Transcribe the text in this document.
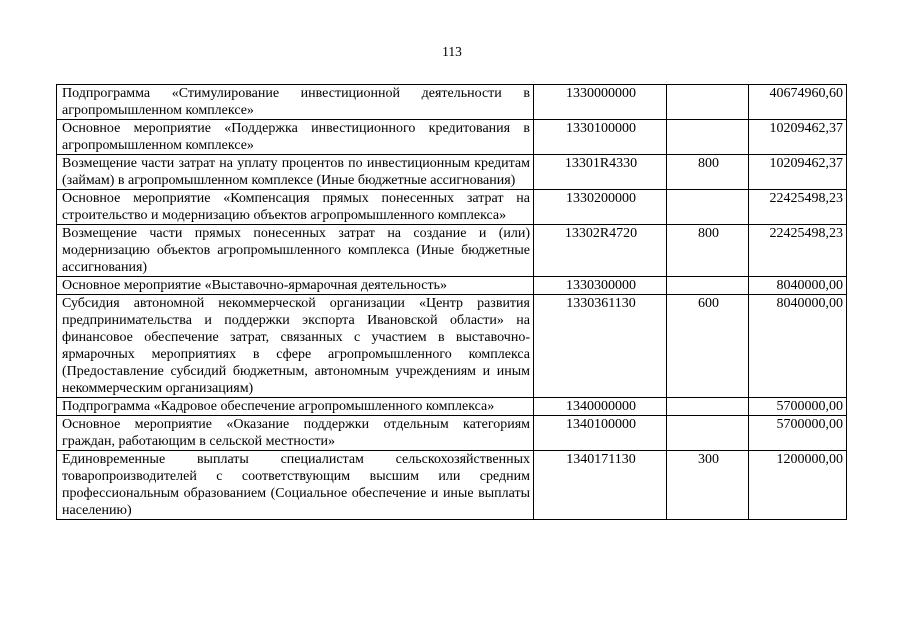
113
Подпрограмма «Стимулирование инвестиционной деятельности в агропромышленном комплексе»	1330000000		40674960,60
Основное мероприятие «Поддержка инвестиционного кредитования в агропромышленном комплексе»	1330100000		10209462,37
Возмещение части затрат на уплату процентов по инвестиционным кредитам (займам) в агропромышленном комплексе (Иные бюджетные ассигнования)	13301R4330	800	10209462,37
Основное мероприятие «Компенсация прямых понесенных затрат на строительство и модернизацию объектов агропромышленного комплекса»	1330200000		22425498,23
Возмещение части прямых понесенных затрат на создание и (или) модернизацию объектов агропромышленного комплекса (Иные бюджетные ассигнования)	13302R4720	800	22425498,23
Основное мероприятие «Выставочно-ярмарочная деятельность»	1330300000		8040000,00
Субсидия автономной некоммерческой организации «Центр развития предпринимательства и поддержки экспорта Ивановской области» на финансовое обеспечение затрат, связанных с участием в выставочно-ярмарочных мероприятиях в сфере агропромышленного комплекса (Предоставление субсидий бюджетным, автономным учреждениям и иным некоммерческим организациям)	1330361130	600	8040000,00
Подпрограмма «Кадровое обеспечение агропромышленного комплекса»	1340000000		5700000,00
Основное мероприятие «Оказание поддержки отдельным категориям граждан, работающим в сельской местности»	1340100000		5700000,00
Единовременные выплаты специалистам сельскохозяйственных товаропроизводителей с соответствующим высшим или средним профессиональным образованием (Социальное обеспечение и иные выплаты населению)	1340171130	300	1200000,00
